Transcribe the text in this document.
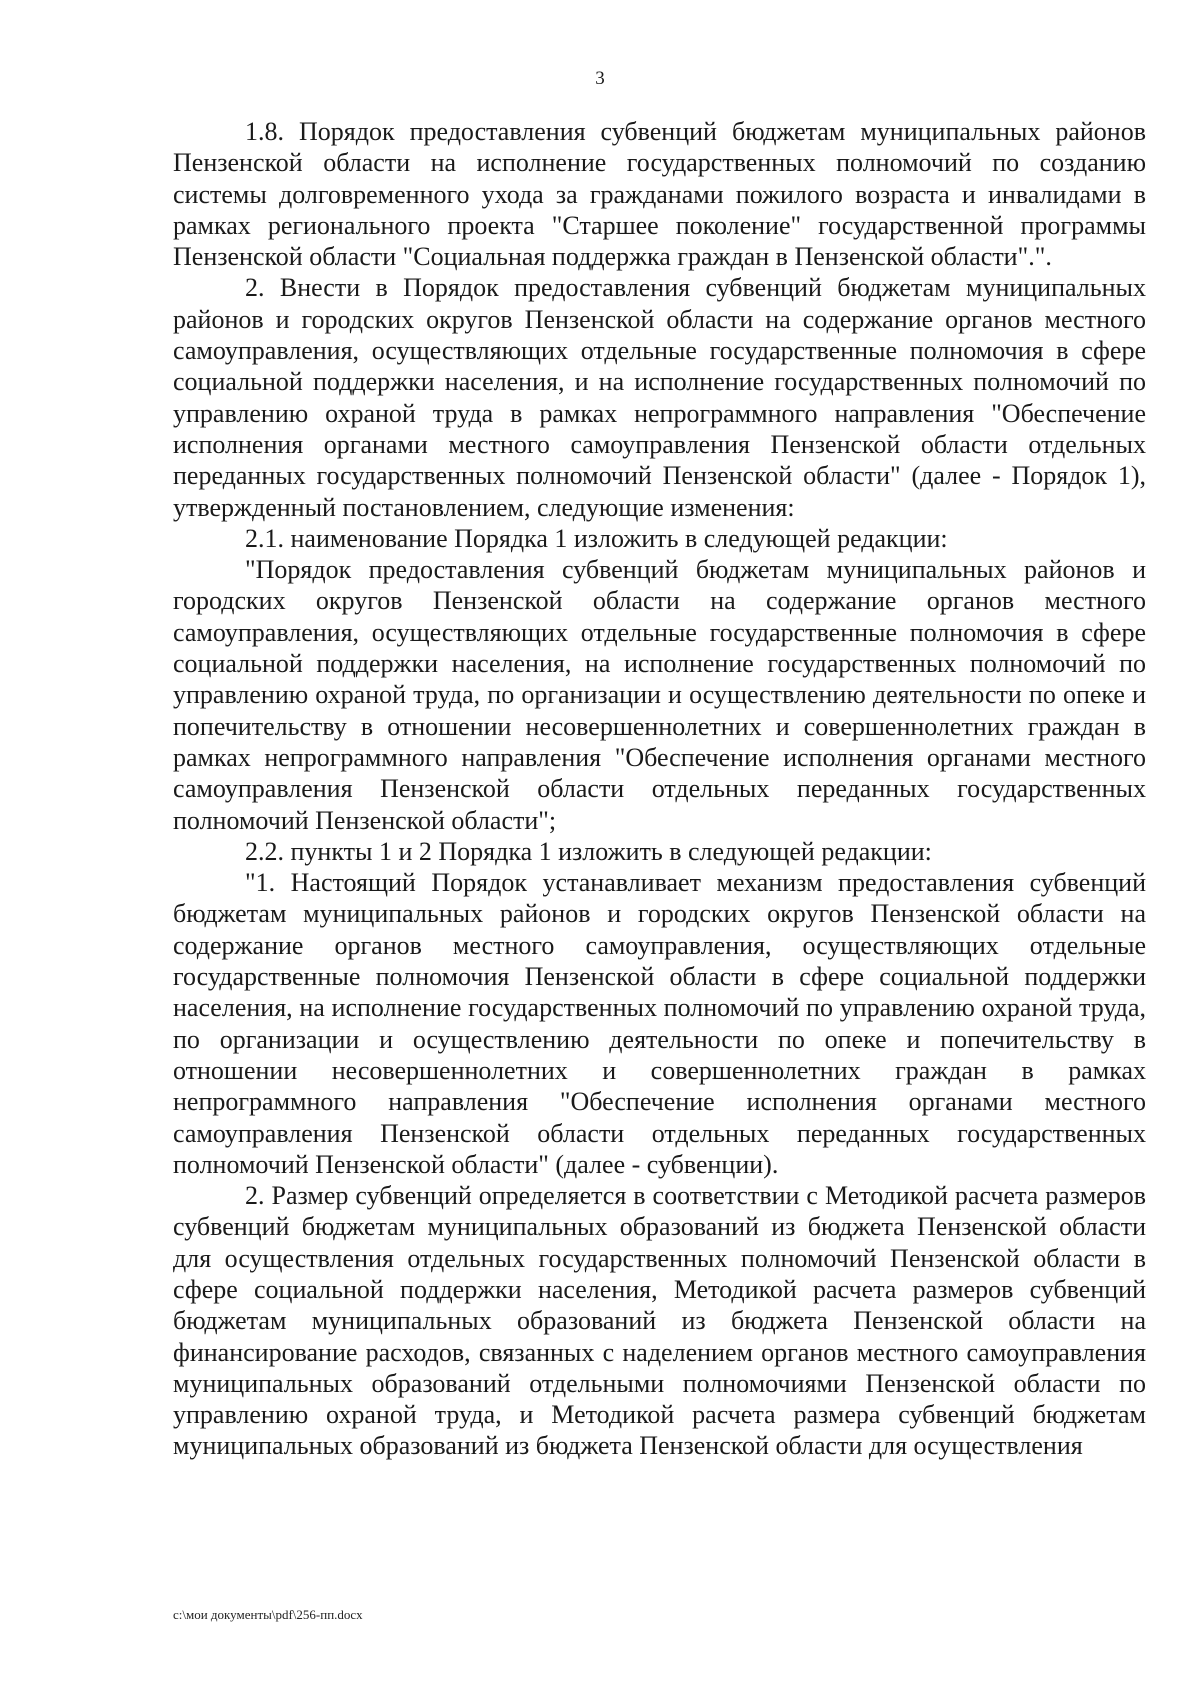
3

1.8. Порядок предоставления субвенций бюджетам муниципальных районов Пензенской области на исполнение государственных полномочий по созданию системы долговременного ухода за гражданами пожилого возраста и инвалидами в рамках регионального проекта "Старшее поколение" государственной программы Пензенской области "Социальная поддержка граждан в Пензенской области".".

2. Внести в Порядок предоставления субвенций бюджетам муниципальных районов и городских округов Пензенской области на содержание органов местного самоуправления, осуществляющих отдельные государственные полномочия в сфере социальной поддержки населения, и на исполнение государственных полномочий по управлению охраной труда в рамках непрограммного направления "Обеспечение исполнения органами местного самоуправления Пензенской области отдельных переданных государственных полномочий Пензенской области" (далее - Порядок 1), утвержденный постановлением, следующие изменения:

2.1. наименование Порядка 1 изложить в следующей редакции:

"Порядок предоставления субвенций бюджетам муниципальных районов и городских округов Пензенской области на содержание органов местного самоуправления, осуществляющих отдельные государственные полномочия в сфере социальной поддержки населения, на исполнение государственных полномочий по управлению охраной труда, по организации и осуществлению деятельности по опеке и попечительству в отношении несовершеннолетних и совершеннолетних граждан в рамках непрограммного направления "Обеспечение исполнения органами местного самоуправления Пензенской области отдельных переданных государственных полномочий Пензенской области";

2.2. пункты 1 и 2 Порядка 1 изложить в следующей редакции:

"1. Настоящий Порядок устанавливает механизм предоставления субвенций бюджетам муниципальных районов и городских округов Пензенской области на содержание органов местного самоуправления, осуществляющих отдельные государственные полномочия Пензенской области в сфере социальной поддержки населения, на исполнение государственных полномочий по управлению охраной труда, по организации и осуществлению деятельности по опеке и попечительству в отношении несовершеннолетних и совершеннолетних граждан в рамках непрограммного направления "Обеспечение исполнения органами местного самоуправления Пензенской области отдельных переданных государственных полномочий Пензенской области" (далее - субвенции).

2. Размер субвенций определяется в соответствии с Методикой расчета размеров субвенций бюджетам муниципальных образований из бюджета Пензенской области для осуществления отдельных государственных полномочий Пензенской области в сфере социальной поддержки населения, Методикой расчета размеров субвенций бюджетам муниципальных образований из бюджета Пензенской области на финансирование расходов, связанных с наделением органов местного самоуправления муниципальных образований отдельными полномочиями Пензенской области по управлению охраной труда, и Методикой расчета размера субвенций бюджетам муниципальных образований из бюджета Пензенской области для осуществления

c:\мои документы\pdf\256-пп.docx
